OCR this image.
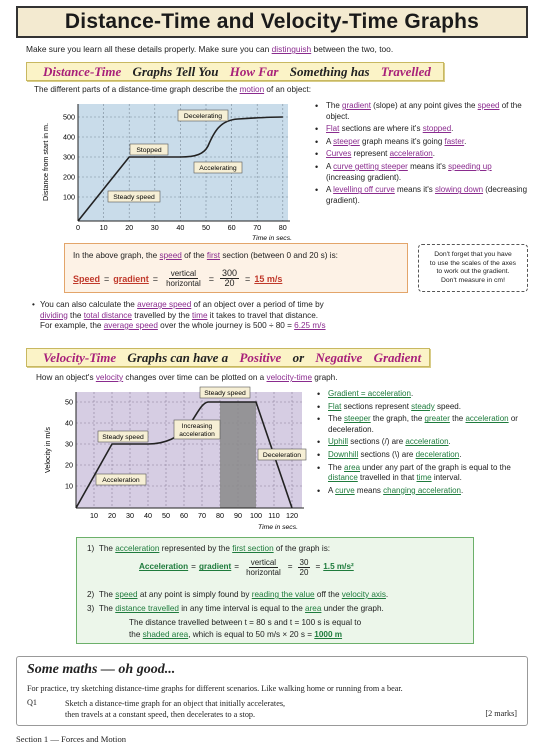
Distance-Time and Velocity-Time Graphs
Make sure you learn all these details properly. Make sure you can distinguish between the two, too.
Distance-Time Graphs Tell You How Far Something has Travelled
The different parts of a distance-time graph describe the motion of an object:
500
400
300
200
100
0	10 20 30 40 50 60 70 80
Time in secs.
Distance from start in m.
Decelerating
Stopped
Accelerating
Steady speed
• The gradient (slope) at any point gives the speed of the object.
• Flat sections are where it's stopped.
• A steeper graph means it's going faster.
• Curves represent acceleration.
• A curve getting steeper means it's speeding up (increasing gradient).
• A levelling off curve means it's slowing down (decreasing gradient).
In the above graph, the speed of the first section (between 0 and 20 s) is:
Speed = gradient = $\frac{\text{vertical}}{\text{horizontal}} = \frac{300}{20} = 15$ m/s
Don't forget that you have
to use the scales of the axes
to work out the gradient.
Don't measure in cm!
• You can also calculate the average speed of an object over a period of time by
dividing the total distance travelled by the time it takes to travel that distance.
For example, the average speed over the whole journey is 500 ÷ 80 = 6.25 m/s
Velocity-Time Graphs can have a Positive or Negative Gradient
How an object's velocity changes over time can be plotted on a velocity-time graph.
50
40
30
20
10
10 20 30 40 50 60 70 80 90 100 110 120
Time in secs.
Velocity in m/s
Steady speed
Increasing
acceleration
Steady speed
Deceleration
Acceleration
• Gradient = acceleration.
• Flat sections represent steady speed.
• The steeper the graph, the greater the acceleration or deceleration.
• Uphill sections (/) are acceleration.
• Downhill sections (\) are deceleration.
• The area under any part of the graph is equal to the distance travelled in that time interval.
• A curve means changing acceleration.
1) The acceleration represented by the first section of the graph is:
Acceleration = gradient = $\frac{\text{vertical}}{\text{horizontal}} = \frac{30}{20} = 1.5$ m/s²
2) The speed at any point is simply found by reading the value off the velocity axis.
3) The distance travelled in any time interval is equal to the area under the graph.
The distance travelled between t = 80 s and t = 100 s is equal to
the shaded area, which is equal to 50 m/s × 20 s = 1000 m
Some maths — oh good...
For practice, try sketching distance-time graphs for different scenarios. Like walking home or running from a bear.
Q1	Sketch a distance-time graph for an object that initially accelerates,
then travels at a constant speed, then decelerates to a stop.	[2 marks]
Section 1 — Forces and Motion
